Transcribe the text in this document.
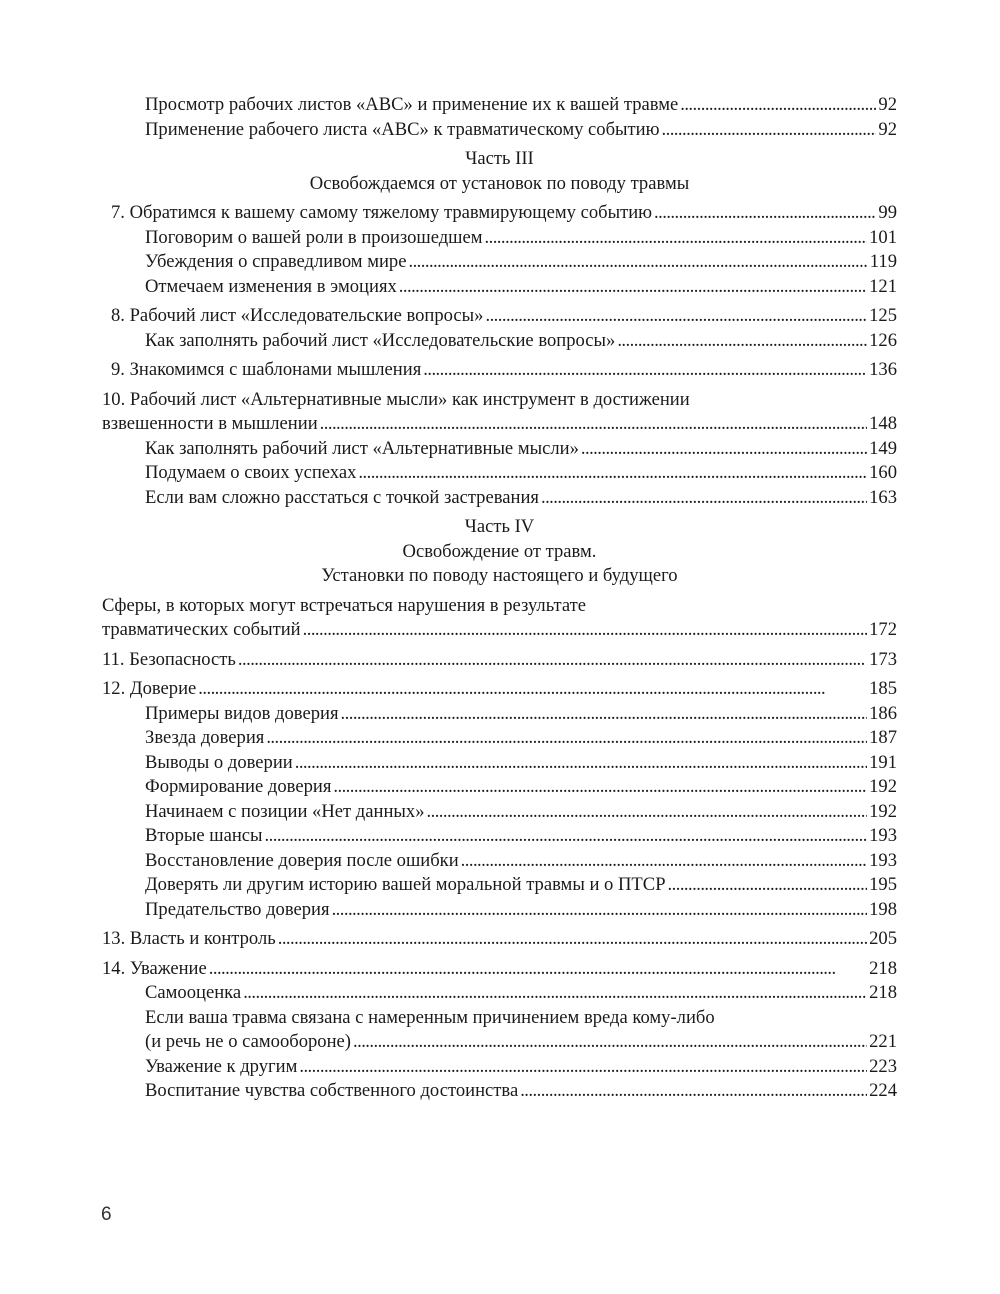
Просмотр рабочих листов «ABC» и применение их к вашей травме . . .	92
Применение рабочего листа «ABC» к травматическому событию . . .	92
Часть III
Освобождаемся от установок по поводу травмы
7. Обратимся к вашему самому тяжелому травмирующему событию . . .	99
Поговорим о вашей роли в произошедшем . . .	101
Убеждения о справедливом мире . . .	119
Отмечаем изменения в эмоциях . . .	121
8. Рабочий лист «Исследовательские вопросы» . . .	125
Как заполнять рабочий лист «Исследовательские вопросы» . . .	126
9. Знакомимся с шаблонами мышления . . .	136
10. Рабочий лист «Альтернативные мысли» как инструмент в достижении
взвешенности в мышлении . . .	148
Как заполнять рабочий лист «Альтернативные мысли» . . .	149
Подумаем о своих успехах . . .	160
Если вам сложно расстаться с точкой застревания . . .	163
Часть IV
Освобождение от травм.
Установки по поводу настоящего и будущего
Сферы, в которых могут встречаться нарушения в результате
травматических событий . . .	172
11. Безопасность . . .	173
12. Доверие . . .	185
Примеры видов доверия . . .	186
Звезда доверия . . .	187
Выводы о доверии . . .	191
Формирование доверия . . .	192
Начинаем с позиции «Нет данных» . . .	192
Вторые шансы . . .	193
Восстановление доверия после ошибки . . .	193
Доверять ли другим историю вашей моральной травмы и о ПТСР . . .	195
Предательство доверия . . .	198
13. Власть и контроль . . .	205
14. Уважение . . .	218
Самооценка . . .	218
Если ваша травма связана с намеренным причинением вреда кому-либо
(и речь не о самообороне) . . .	221
Уважение к другим . . .	223
Воспитание чувства собственного достоинства . . .	224
6
